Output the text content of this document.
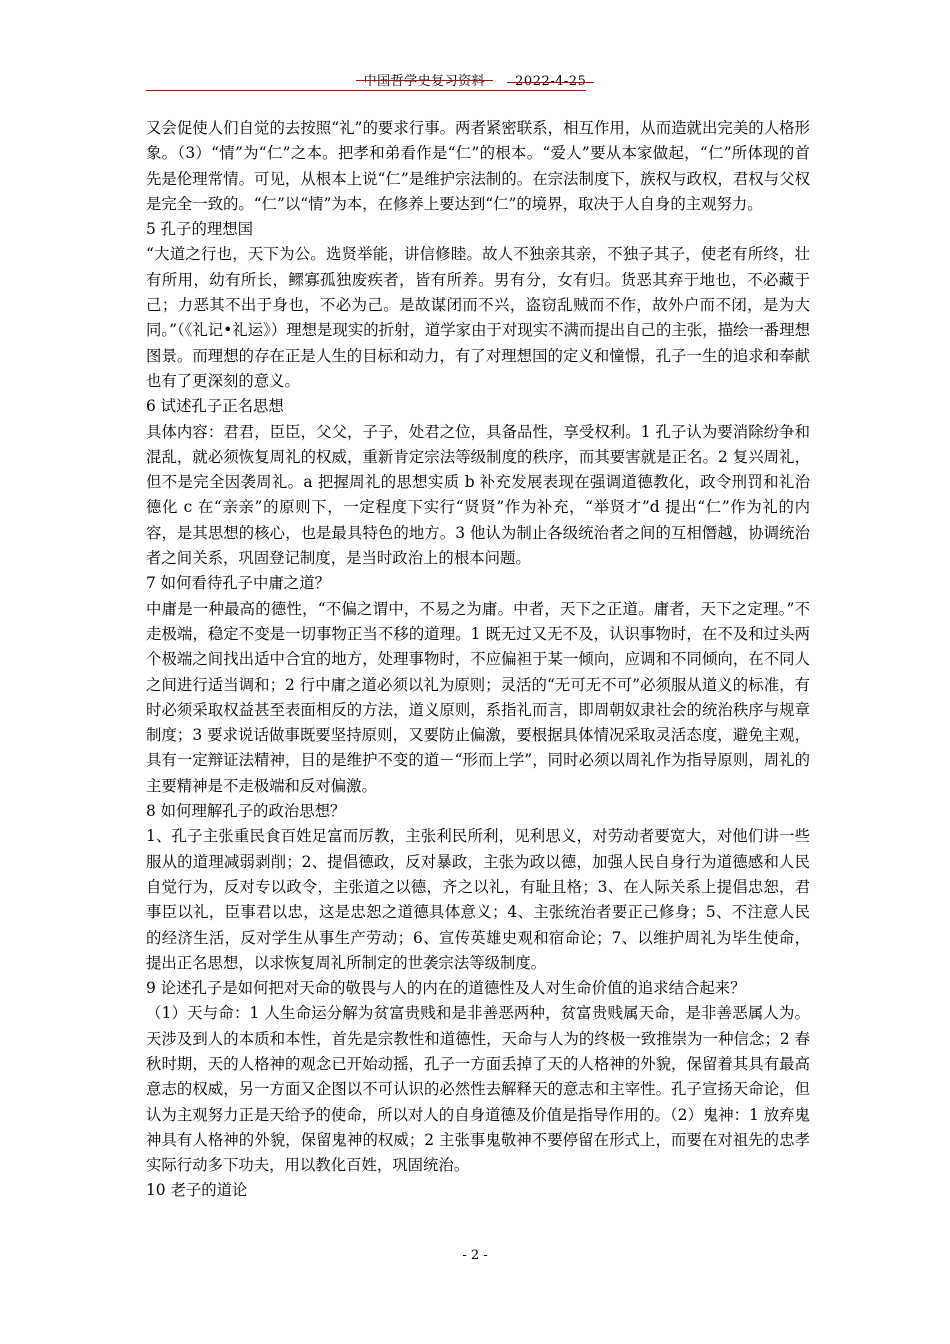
中国哲学史复习资料 2022-4-25

又会促使人们自觉的去按照“礼”的要求行事。两者紧密联系，相互作用，从而造就出完美的人格形象。（3）“情”为“仁”之本。把孝和弟看作是“仁”的根本。“爱人”要从本家做起，“仁”所体现的首先是伦理常情。可见，从根本上说“仁”是维护宗法制的。在宗法制度下，族权与政权，君权与父权是完全一致的。“仁”以“情”为本，在修养上要达到“仁”的境界，取决于人自身的主观努力。

5 孔子的理想国

“大道之行也，天下为公。选贤举能，讲信修睦。故人不独亲其亲，不独子其子，使老有所终，壮有所用，幼有所长，鳏寡孤独废疾者，皆有所养。男有分，女有归。货恶其弃于地也，不必藏于己；力恶其不出于身也，不必为己。是故谋闭而不兴，盗窃乱贼而不作，故外户而不闭，是为大同。”（《礼记•礼运》）理想是现实的折射，道学家由于对现实不满而提出自己的主张，描绘一番理想图景。而理想的存在正是人生的目标和动力，有了对理想国的定义和憧憬，孔子一生的追求和奉献也有了更深刻的意义。

6 试述孔子正名思想

具体内容：君君，臣臣，父父，子子，处君之位，具备品性，享受权利。1 孔子认为要消除纷争和混乱，就必须恢复周礼的权威，重新肯定宗法等级制度的秩序，而其要害就是正名。2 复兴周礼，但不是完全因袭周礼。a 把握周礼的思想实质 b 补充发展表现在强调道德教化，政令刑罚和礼治德化 c 在“亲亲”的原则下，一定程度下实行“贤贤”作为补充，“举贤才”d 提出“仁”作为礼的内容，是其思想的核心，也是最具特色的地方。3 他认为制止各级统治者之间的互相僭越，协调统治者之间关系，巩固登记制度，是当时政治上的根本问题。

7 如何看待孔子中庸之道？

中庸是一种最高的德性，“不偏之谓中，不易之为庸。中者，天下之正道。庸者，天下之定理。”不走极端，稳定不变是一切事物正当不移的道理。1 既无过又无不及，认识事物时，在不及和过头两个极端之间找出适中合宜的地方，处理事物时，不应偏袒于某一倾向，应调和不同倾向，在不同人之间进行适当调和；2 行中庸之道必须以礼为原则；灵活的“无可无不可”必须服从道义的标准，有时必须采取权益甚至表面相反的方法，道义原则，系指礼而言，即周朝奴隶社会的统治秩序与规章制度；3 要求说话做事既要坚持原则，又要防止偏激，要根据具体情况采取灵活态度，避免主观，具有一定辩证法精神，目的是维护不变的道－“形而上学”，同时必须以周礼作为指导原则，周礼的主要精神是不走极端和反对偏激。

8 如何理解孔子的政治思想？

1、孔子主张重民食百姓足富而厉教，主张利民所利，见利思义，对劳动者要宽大，对他们讲一些服从的道理减弱剥削；2、提倡德政，反对暴政，主张为政以德，加强人民自身行为道德感和人民自觉行为，反对专以政令，主张道之以德，齐之以礼，有耻且格；3、在人际关系上提倡忠恕，君事臣以礼，臣事君以忠，这是忠恕之道德具体意义；4、主张统治者要正己修身；5、不注意人民的经济生活，反对学生从事生产劳动；6、宣传英雄史观和宿命论；7、以维护周礼为毕生使命，提出正名思想，以求恢复周礼所制定的世袭宗法等级制度。

9 论述孔子是如何把对天命的敬畏与人的内在的道德性及人对生命价值的追求结合起来？

（1）天与命：1 人生命运分解为贫富贵贱和是非善恶两种，贫富贵贱属天命，是非善恶属人为。天涉及到人的本质和本性，首先是宗教性和道德性，天命与人为的终极一致推崇为一种信念；2 春秋时期，天的人格神的观念已开始动摇，孔子一方面丢掉了天的人格神的外貌，保留着其具有最高意志的权威，另一方面又企图以不可认识的必然性去解释天的意志和主宰性。孔子宣扬天命论，但认为主观努力正是天给予的使命，所以对人的自身道德及价值是指导作用的。（2）鬼神：1 放弃鬼神具有人格神的外貌，保留鬼神的权威；2 主张事鬼敬神不要停留在形式上，而要在对祖先的忠孝实际行动多下功夫，用以教化百姓，巩固统治。

10 老子的道论

- 2 -
